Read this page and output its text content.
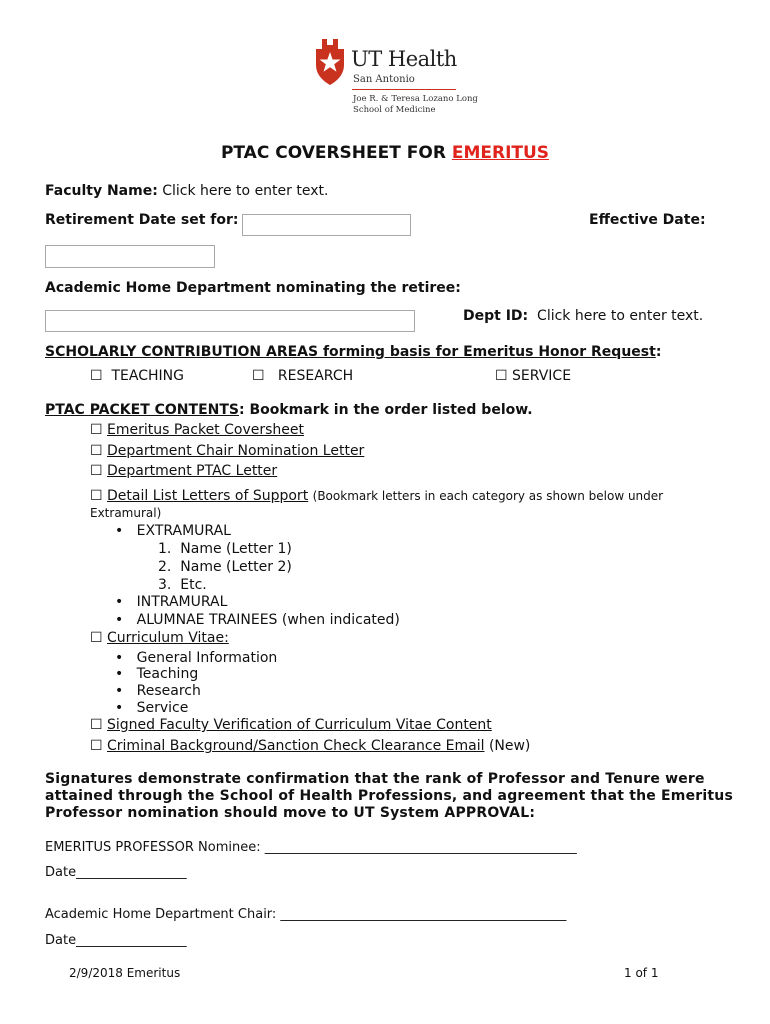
UT Health
San Antonio
Joe R. & Teresa Lozano Long
School of Medicine
PTAC COVERSHEET FOR EMERITUS
Faculty Name: Click here to enter text.
Retirement Date set for:	Effective Date:
Academic Home Department nominating the retiree:
Dept ID: Click here to enter text.
SCHOLARLY CONTRIBUTION AREAS forming basis for Emeritus Honor Request:
☐ TEACHING	☐ RESEARCH	☐ SERVICE
PTAC PACKET CONTENTS: Bookmark in the order listed below.
☐ Emeritus Packet Coversheet
☐ Department Chair Nomination Letter
☐ Department PTAC Letter
☐ Detail List Letters of Support (Bookmark letters in each category as shown below under
Extramural)
• EXTRAMURAL
1.  Name (Letter 1)
2.  Name (Letter 2)
3.  Etc.
• INTRAMURAL
• ALUMNAE TRAINEES (when indicated)
☐ Curriculum Vitae:
• General Information
• Teaching
• Research
• Service
☐ Signed Faculty Verification of Curriculum Vitae Content
☐ Criminal Background/Sanction Check Clearance Email (New)
Signatures demonstrate confirmation that the rank of Professor and Tenure were
attained through the School of Health Professions, and agreement that the Emeritus
Professor nomination should move to UT System APPROVAL:
EMERITUS PROFESSOR Nominee: ________________________________________________
Date_________________
Academic Home Department Chair: ____________________________________________
Date_________________
2/9/2018 Emeritus	1 of 1
